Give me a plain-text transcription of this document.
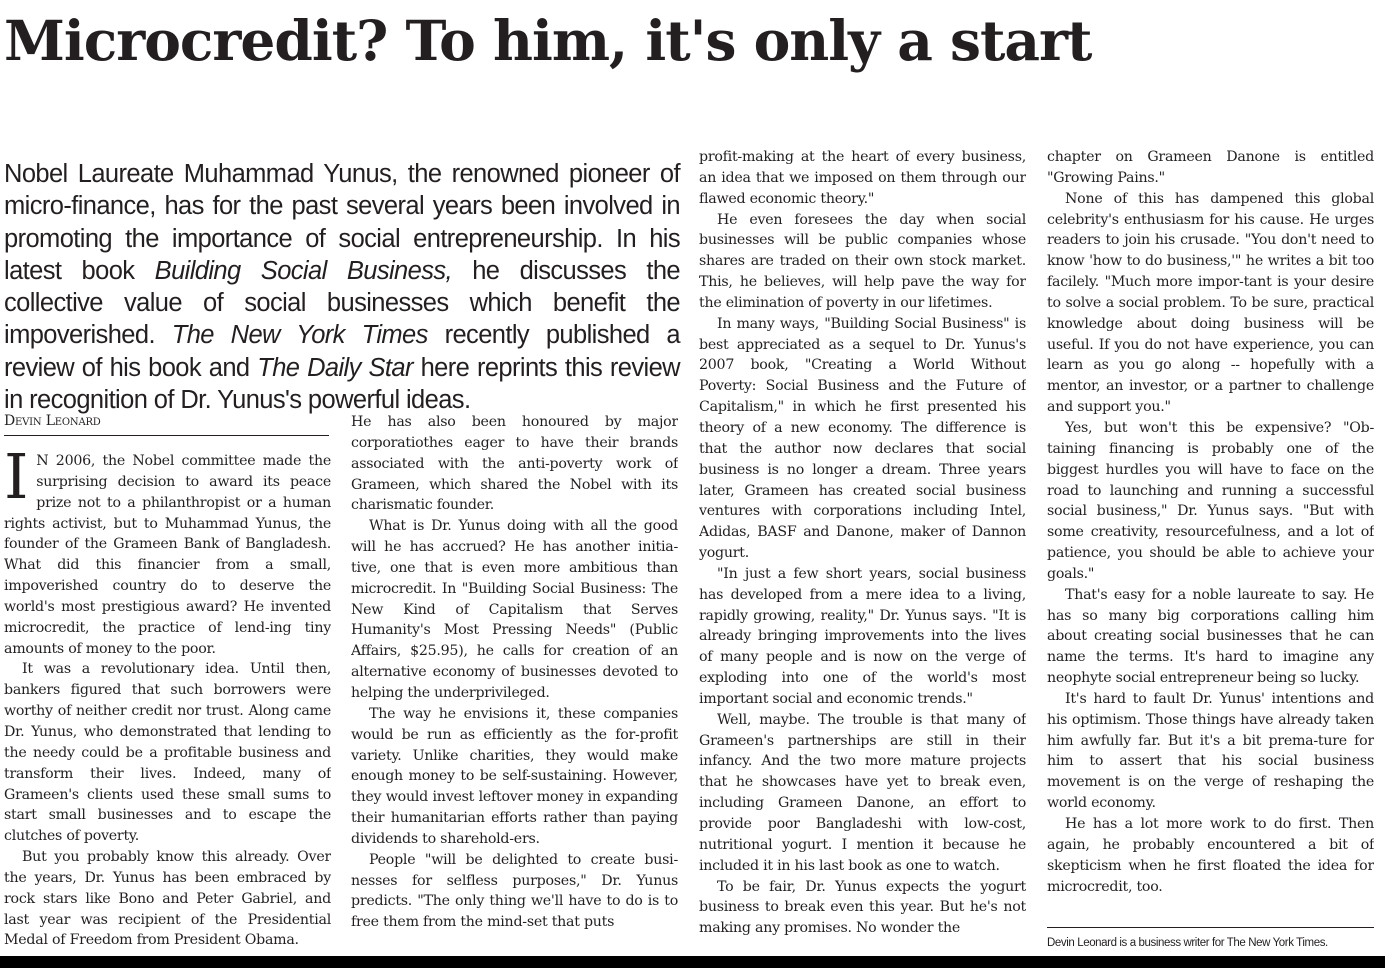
Microcredit? To him, it's only a start

Nobel Laureate Muhammad Yunus, the renowned pioneer of micro-finance, has for the past several years been involved in promoting the importance of social entrepreneurship. In his latest book Building Social Business, he discusses the collective value of social businesses which benefit the impoverished. The New York Times recently published a review of his book and The Daily Star here reprints this review in recognition of Dr. Yunus's powerful ideas.

Devin Leonard

I N 2006, the Nobel committee made the surprising decision to award its peace prize not to a philanthropist or a human rights activist, but to Muhammad Yunus, the founder of the Grameen Bank of Bangladesh. What did this financier from a small, impoverished country do to deserve the world's most prestigious award? He invented microcredit, the practice of lend-ing tiny amounts of money to the poor.

It was a revolutionary idea. Until then, bankers figured that such borrowers were worthy of neither credit nor trust. Along came Dr. Yunus, who demonstrated that lending to the needy could be a profitable business and transform their lives. Indeed, many of Grameen's clients used these small sums to start small businesses and to escape the clutches of poverty.

But you probably know this already. Over the years, Dr. Yunus has been embraced by rock stars like Bono and Peter Gabriel, and last year was recipient of the Presidential Medal of Freedom from President Obama.

He has also been honoured by major corporatiothes eager to have their brands associated with the anti-poverty work of Grameen, which shared the Nobel with its charismatic founder.

What is Dr. Yunus doing with all the good will he has accrued? He has another initia-tive, one that is even more ambitious than microcredit. In "Building Social Business: The New Kind of Capitalism that Serves Humanity's Most Pressing Needs" (Public Affairs, $25.95), he calls for creation of an alternative economy of businesses devoted to helping the underprivileged.

The way he envisions it, these companies would be run as efficiently as the for-profit variety. Unlike charities, they would make enough money to be self-sustaining. However, they would invest leftover money in expanding their humanitarian efforts rather than paying dividends to sharehold-ers.

People "will be delighted to create busi-nesses for selfless purposes," Dr. Yunus predicts. "The only thing we'll have to do is to free them from the mind-set that puts

profit-making at the heart of every business, an idea that we imposed on them through our flawed economic theory."

He even foresees the day when social businesses will be public companies whose shares are traded on their own stock market. This, he believes, will help pave the way for the elimination of poverty in our lifetimes.

In many ways, "Building Social Business" is best appreciated as a sequel to Dr. Yunus's 2007 book, "Creating a World Without Poverty: Social Business and the Future of Capitalism," in which he first presented his theory of a new economy. The difference is that the author now declares that social business is no longer a dream. Three years later, Grameen has created social business ventures with corporations including Intel, Adidas, BASF and Danone, maker of Dannon yogurt.

"In just a few short years, social business has developed from a mere idea to a living, rapidly growing, reality," Dr. Yunus says. "It is already bringing improvements into the lives of many people and is now on the verge of exploding into one of the world's most important social and economic trends."

Well, maybe. The trouble is that many of Grameen's partnerships are still in their infancy. And the two more mature projects that he showcases have yet to break even, including Grameen Danone, an effort to provide poor Bangladeshi with low-cost, nutritional yogurt. I mention it because he included it in his last book as one to watch.

To be fair, Dr. Yunus expects the yogurt business to break even this year. But he's not making any promises. No wonder the

chapter on Grameen Danone is entitled "Growing Pains."

None of this has dampened this global celebrity's enthusiasm for his cause. He urges readers to join his crusade. "You don't need to know 'how to do business,'" he writes a bit too facilely. "Much more impor-tant is your desire to solve a social problem. To be sure, practical knowledge about doing business will be useful. If you do not have experience, you can learn as you go along -- hopefully with a mentor, an investor, or a partner to challenge and support you."

Yes, but won't this be expensive? "Ob-taining financing is probably one of the biggest hurdles you will have to face on the road to launching and running a successful social business," Dr. Yunus says. "But with some creativity, resourcefulness, and a lot of patience, you should be able to achieve your goals."

That's easy for a noble laureate to say. He has so many big corporations calling him about creating social businesses that he can name the terms. It's hard to imagine any neophyte social entrepreneur being so lucky.

It's hard to fault Dr. Yunus' intentions and his optimism. Those things have already taken him awfully far. But it's a bit prema-ture for him to assert that his social business movement is on the verge of reshaping the world economy.

He has a lot more work to do first. Then again, he probably encountered a bit of skepticism when he first floated the idea for microcredit, too.

Devin Leonard is a business writer for The New York Times.
